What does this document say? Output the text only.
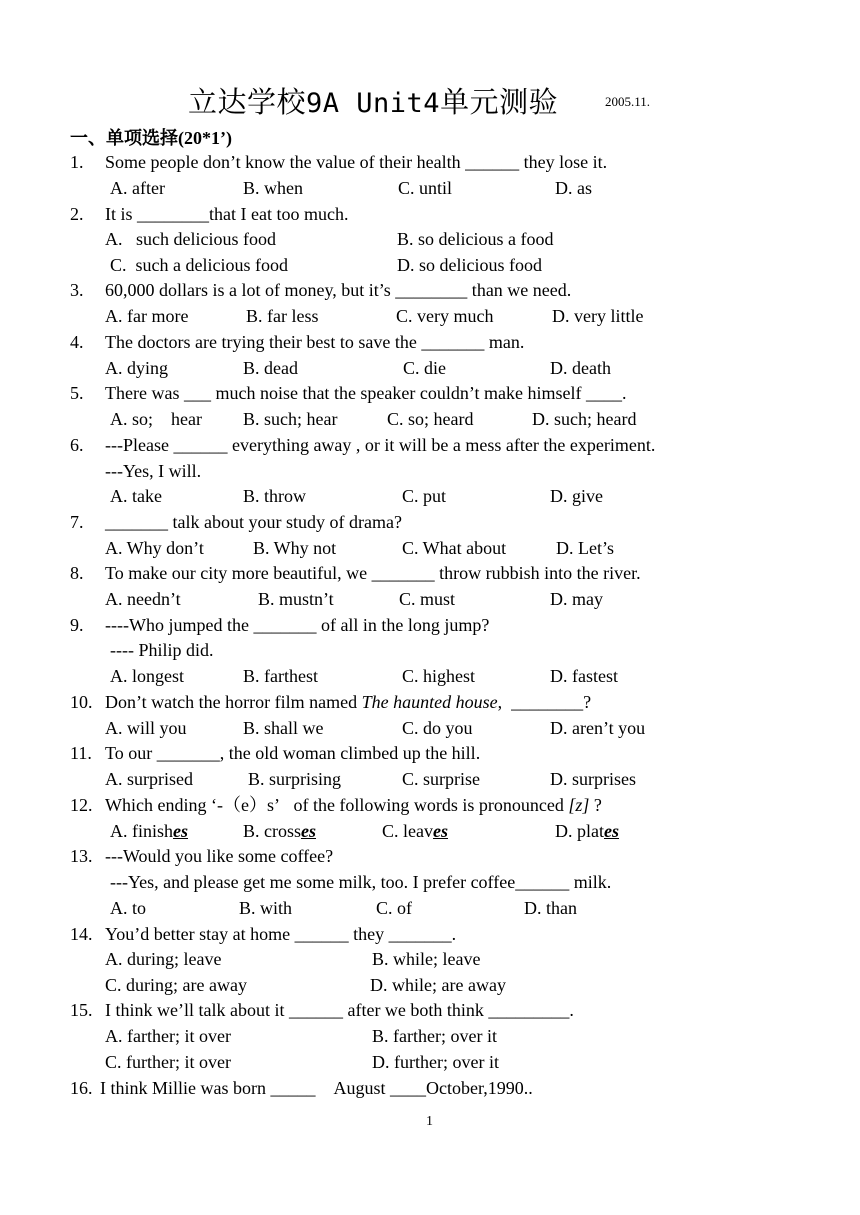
立达学校9A Unit4单元测验	2005.11.
一、单项选择(20*1’)
1. Some people don’t know the value of their health ______ they lose it.
A. after	B. when	C. until	D. as
2. It is ________that I eat too much.
A.   such delicious food	B. so delicious a food
C.  such a delicious food	D. so delicious food
3. 60,000 dollars is a lot of money, but it’s ________ than we need.
A. far more	B. far less	C. very much	D. very little
4. The doctors are trying their best to save the _______ man.
A. dying	B. dead	C. die	D. death
5. There was ___ much noise that the speaker couldn’t make himself ____.
A. so;    hear B. such; hear	C. so; heard	D. such; heard
6. ---Please ______ everything away , or it will be a mess after the experiment.
---Yes, I will.
A. take	B. throw	C. put	D. give
7. _______ talk about your study of drama?
A. Why don’t	B. Why not	C. What about	D. Let’s
8. To make our city more beautiful, we _______ throw rubbish into the river.
A. needn’t	B. mustn’t	C. must	D. may
9. ----Who jumped the _______ of all in the long jump?
---- Philip did.
A. longest	B. farthest	C. highest	D. fastest
10. Don’t watch the horror film named The haunted house,  ________?
A. will you	B. shall we	C. do you	D. aren’t you
11. To our _______, the old woman climbed up the hill.
A. surprised	B. surprising	C. surprise	D. surprises
12. Which ending ‘-（e）s’   of the following words is pronounced [z] ?
A. finishes	B. crosses	C. leaves	D. plates
13. ---Would you like some coffee?
---Yes, and please get me some milk, too. I prefer coffee______ milk.
A. to	B. with	C. of	D. than
14. You’d better stay at home ______ they _______.
A. during; leave	B. while; leave
C. during; are away	D. while; are away
15. I think we’ll talk about it ______ after we both think _________.
A. farther; it over	B. farther; over it
C. further; it over	D. further; over it
16. I think Millie was born _____    August ____October,1990..
1
